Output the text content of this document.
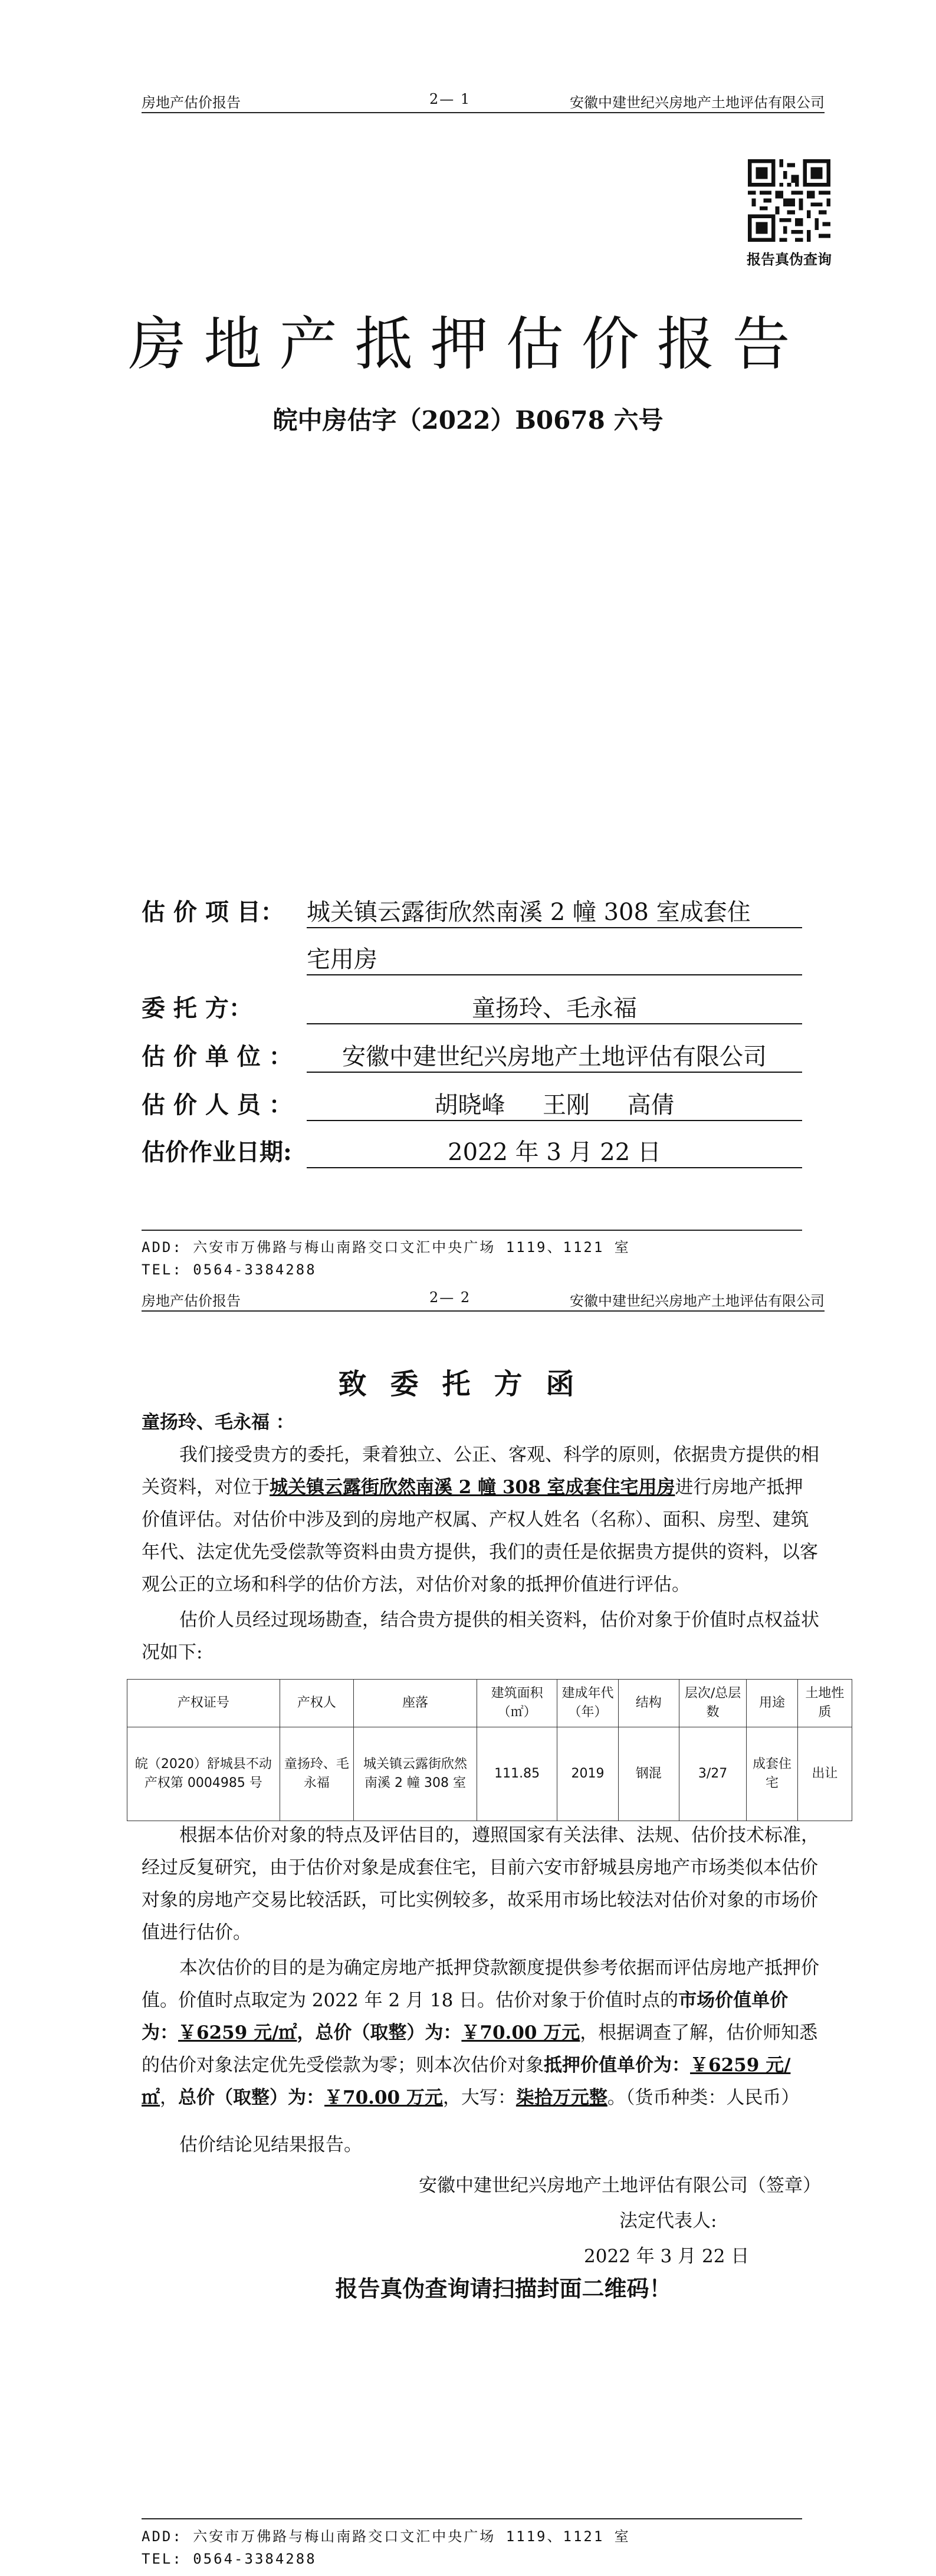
房地产估价报告	2— 1	安徽中建世纪兴房地产土地评估有限公司
报告真伪查询
房地产抵押估价报告
皖中房估字（2022）B0678 六号
估 价 项 目： 城关镇云露街欣然南溪 2 幢 308 室成套住
宅用房
委 托 方：	童扬玲、毛永福
估 价 单 位 ：	安徽中建世纪兴房地产土地评估有限公司
估 价 人 员 ：	胡晓峰     王刚     高倩
估价作业日期:	2022 年 3 月 22 日
ADD: 六安市万佛路与梅山南路交口文汇中央广场 1119、1121 室
TEL: 0564-3384288
房地产估价报告	2— 2	安徽中建世纪兴房地产土地评估有限公司
致委托方函
童扬玲、毛永福 ：
我们接受贵方的委托，秉着独立、公正、客观、科学的原则，依据贵方提供的相关资料，对位于城关镇云露街欣然南溪 2 幢 308 室成套住宅用房进行房地产抵押价值评估。对估价中涉及到的房地产权属、产权人姓名（名称）、面积、房型、建筑年代、法定优先受偿款等资料由贵方提供，我们的责任是依据贵方提供的资料，以客观公正的立场和科学的估价方法，对估价对象的抵押价值进行评估。
估价人员经过现场勘查，结合贵方提供的相关资料，估价对象于价值时点权益状况如下:
产权证号	产权人	座落	建筑面积（㎡）	建成年代（年）	结构	层次/总层数	用途	土地性质
皖（2020）舒城县不动产权第 0004985 号	童扬玲、毛永福	城关镇云露街欣然南溪 2 幢 308 室	111.85	2019	钢混	3/27	成套住宅	出让
根据本估价对象的特点及评估目的，遵照国家有关法律、法规、估价技术标准，经过反复研究，由于估价对象是成套住宅，目前六安市舒城县房地产市场类似本估价对象的房地产交易比较活跃，可比实例较多，故采用市场比较法对估价对象的市场价值进行估价。
本次估价的目的是为确定房地产抵押贷款额度提供参考依据而评估房地产抵押价值。价值时点取定为 2022 年 2 月 18 日。估价对象于价值时点的市场价值单价为：￥6259 元/㎡，总价（取整）为：￥70.00 万元，根据调查了解，估价师知悉的估价对象法定优先受偿款为零；则本次估价对象抵押价值单价为：￥6259 元/㎡，总价（取整）为：￥70.00 万元，大写：柒拾万元整。（货币种类：人民币）
估价结论见结果报告。
安徽中建世纪兴房地产土地评估有限公司（签章）
法定代表人:
2022 年 3 月 22 日
报告真伪查询请扫描封面二维码！
ADD: 六安市万佛路与梅山南路交口文汇中央广场 1119、1121 室
TEL: 0564-3384288
